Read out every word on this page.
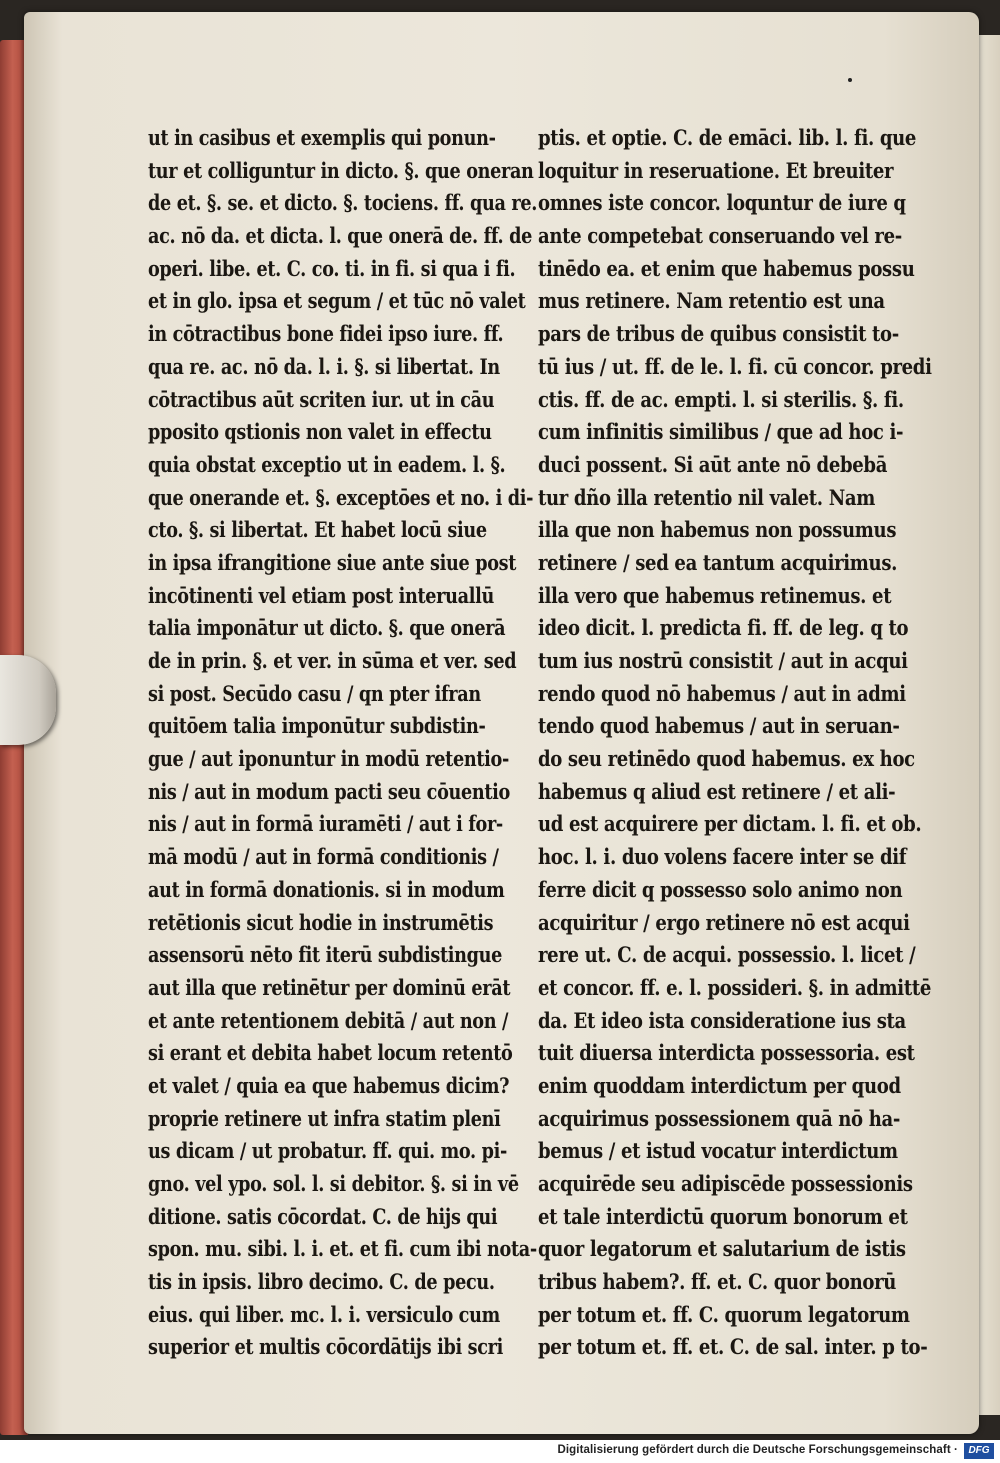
ut in casibus et exemplis qui ponun-
tur et colliguntur in dicto. §. que oneran
de et. §. se. et dicto. §. tociens. ff. qua re.
ac. nō da. et dicta. l. que onerā de. ff. de
operi. libe. et. C. co. ti. in fi. si qua i fi.
et in glo. ipsa et segum / et tūc nō valet
in cōtractibus bone fidei ipso iure. ff.
qua re. ac. nō da. l. i. §. si libertat. In
cōtractibus aūt scriten iur. ut in cāu
pposito qstionis non valet in effectu
quia obstat exceptio ut in eadem. l. §.
que onerande et. §. exceptōes et no. i di-
cto. §. si libertat. Et habet locū siue
in ipsa ifrangitione siue ante siue post
incōtinenti vel etiam post interuallū
talia imponātur ut dicto. §. que onerā
de in prin. §. et ver. in sūma et ver. sed
si post. Secūdo casu / qn pter ifran
quitōem talia imponūtur subdistin-
gue / aut iponuntur in modū retentio-
nis / aut in modum pacti seu cōuentio
nis / aut in formā iuramēti / aut i for-
mā modū / aut in formā conditionis /
aut in formā donationis. si in modum
retētionis sicut hodie in instrumētis
assensorū nēto fit iterū subdistingue
aut illa que retinētur per dominū erāt
et ante retentionem debitā / aut non /
si erant et debita habet locum retentō
et valet / quia ea que habemus dicim?
proprie retinere ut infra statim plenī
us dicam / ut probatur. ff. qui. mo. pi-
gno. vel ypo. sol. l. si debitor. §. si in vē
ditione. satis cōcordat. C. de hijs qui
spon. mu. sibi. l. i. et. et fi. cum ibi nota-
tis in ipsis. libro decimo. C. de pecu.
eius. qui liber. mc. l. i. versiculo cum
superior et multis cōcordātijs ibi scri
ptis. et optie. C. de emāci. lib. l. fi. que
loquitur in reseruatione. Et breuiter
omnes iste concor. loquntur de iure q
ante competebat conseruando vel re-
tinēdo ea. et enim que habemus possu
mus retinere. Nam retentio est una
pars de tribus de quibus consistit to-
tū ius / ut. ff. de le. l. fi. cū concor. predi
ctis. ff. de ac. empti. l. si sterilis. §. fi.
cum infinitis similibus / que ad hoc i-
duci possent. Si aūt ante nō debebā
tur dño illa retentio nil valet. Nam
illa que non habemus non possumus
retinere / sed ea tantum acquirimus.
illa vero que habemus retinemus. et
ideo dicit. l. predicta fi. ff. de leg. q to
tum ius nostrū consistit / aut in acqui
rendo quod nō habemus / aut in admi
tendo quod habemus / aut in seruan-
do seu retinēdo quod habemus. ex hoc
habemus q aliud est retinere / et ali-
ud est acquirere per dictam. l. fi. et ob.
hoc. l. i. duo volens facere inter se dif
ferre dicit q possesso solo animo non
acquiritur / ergo retinere nō est acqui
rere ut. C. de acqui. possessio. l. licet /
et concor. ff. e. l. possideri. §. in admittē
da. Et ideo ista consideratione ius sta
tuit diuersa interdicta possessoria. est
enim quoddam interdictum per quod
acquirimus possessionem quā nō ha-
bemus / et istud vocatur interdictum
acquirēde seu adipiscēde possessionis
et tale interdictū quorum bonorum et
quor legatorum et salutarium de istis
tribus habem?. ff. et. C. quor bonorū
per totum et. ff. C. quorum legatorum
per totum et. ff. et. C. de sal. inter. p to-
Digitalisierung gefördert durch die Deutsche Forschungsgemeinschaft ·	DFG
